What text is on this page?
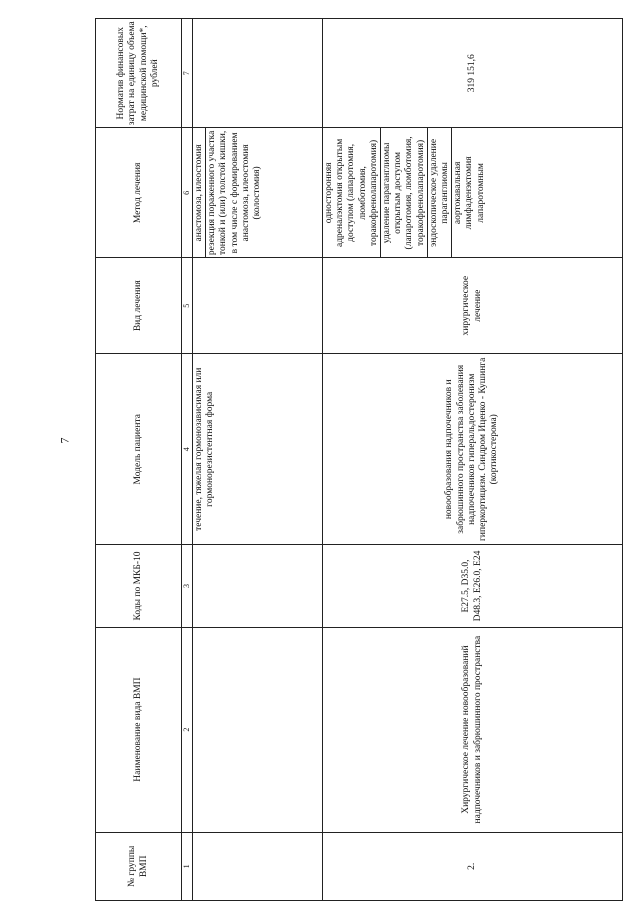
7
№ группы ВМП	Наименование вида ВМП	Коды по МКБ-10	Модель пациента	Вид лечения	Метод лечения	Норматив финансовых затрат на единицу объема медицинской помощи*, рублей
1	2	3	4	5	6	7
			течение, тяжелая гормонозависимая или гормонорезистентная форма		анастомоза, илеостомия резекция пораженного участка тонкой и (или) толстой кишки, в том числе с формированием анастомоза, илеостомия (колостомия)	

2.	Хирургическое лечение новообразований надпочечников и забрюшинного пространства	E27.5, D35.0, D48.3, E26.0, E24	новообразования надпочечников и забрюшинного пространства заболевания надпочечников гиперальдостеронизм гиперкортицизм. Синдром Иценко - Кушинга (кортикостерома)	хирургическое лечение	односторонняя адреналэктомия открытым доступом (лапаротомия, люмботомия, торакофренолапаротомия) удаление параганглиомы открытым доступом (лапаротомия, люмботомия, торакофренолапаротомия) эндоскопическое удаление параганглиомы аортокавальная лимфаденэктомия лапаротомным	319 151,6
